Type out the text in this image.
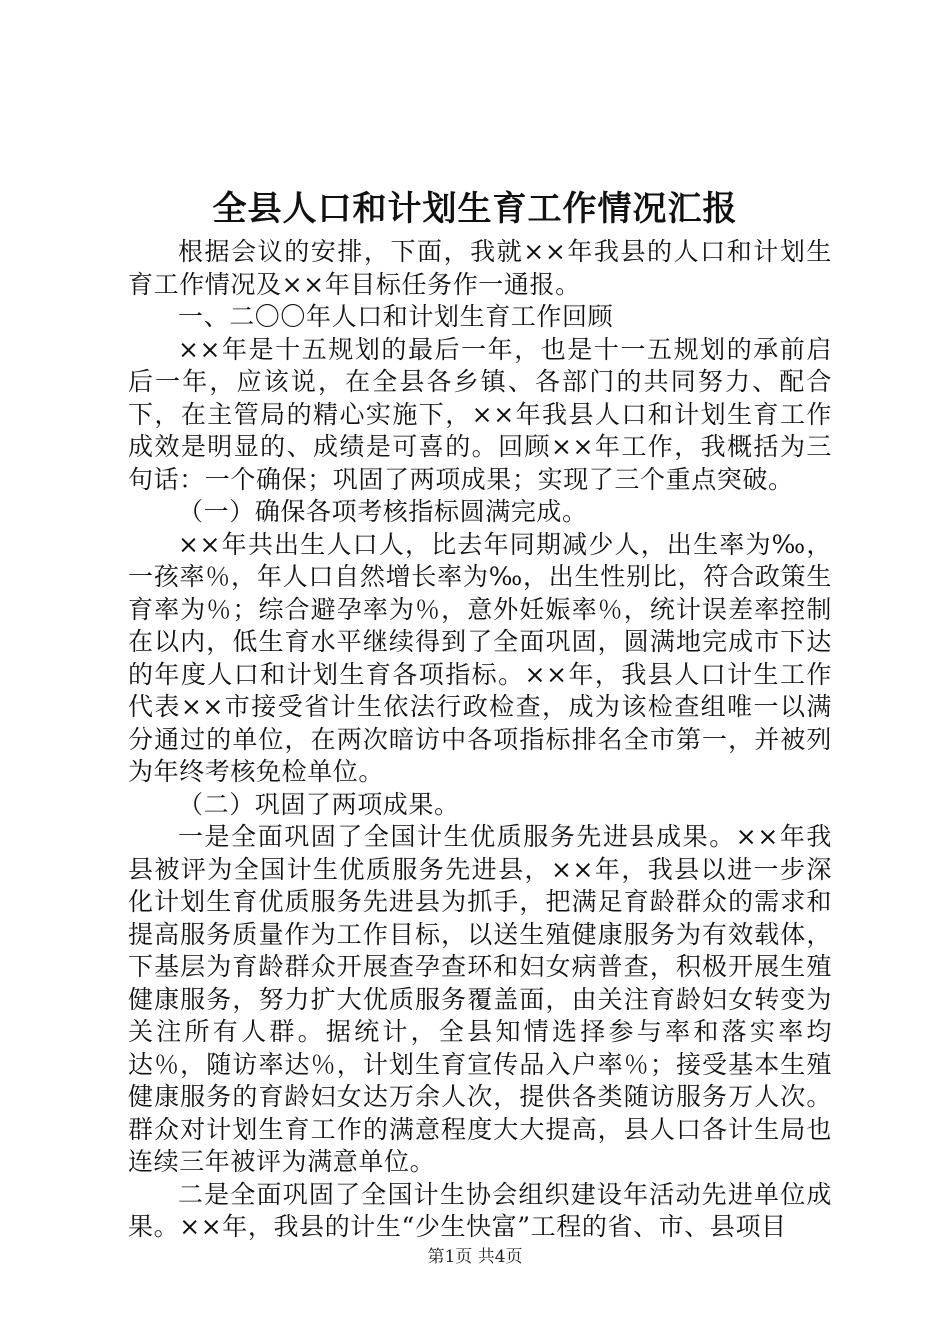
全县人口和计划生育工作情况汇报

根据会议的安排，下面，我就××年我县的人口和计划生育工作情况及××年目标任务作一通报。

一、二〇〇年人口和计划生育工作回顾

××年是十五规划的最后一年，也是十一五规划的承前启后一年，应该说，在全县各乡镇、各部门的共同努力、配合下，在主管局的精心实施下，××年我县人口和计划生育工作成效是明显的、成绩是可喜的。回顾××年工作，我概括为三句话：一个确保；巩固了两项成果；实现了三个重点突破。

（一）确保各项考核指标圆满完成。

××年共出生人口人，比去年同期减少人，出生率为‰，一孩率％，年人口自然增长率为‰，出生性别比，符合政策生育率为％；综合避孕率为％，意外妊娠率％，统计误差率控制在以内，低生育水平继续得到了全面巩固，圆满地完成市下达的年度人口和计划生育各项指标。××年，我县人口计生工作代表××市接受省计生依法行政检查，成为该检查组唯一以满分通过的单位，在两次暗访中各项指标排名全市第一，并被列为年终考核免检单位。

（二）巩固了两项成果。

一是全面巩固了全国计生优质服务先进县成果。××年我县被评为全国计生优质服务先进县，××年，我县以进一步深化计划生育优质服务先进县为抓手，把满足育龄群众的需求和提高服务质量作为工作目标，以送生殖健康服务为有效载体，下基层为育龄群众开展查孕查环和妇女病普查，积极开展生殖健康服务，努力扩大优质服务覆盖面，由关注育龄妇女转变为关注所有人群。据统计，全县知情选择参与率和落实率均达％，随访率达％，计划生育宣传品入户率％；接受基本生殖健康服务的育龄妇女达万余人次，提供各类随访服务万人次。群众对计划生育工作的满意程度大大提高，县人口各计生局也连续三年被评为满意单位。

二是全面巩固了全国计生协会组织建设年活动先进单位成果。××年，我县的计生“少生快富”工程的省、市、县项目

第1页 共4页
